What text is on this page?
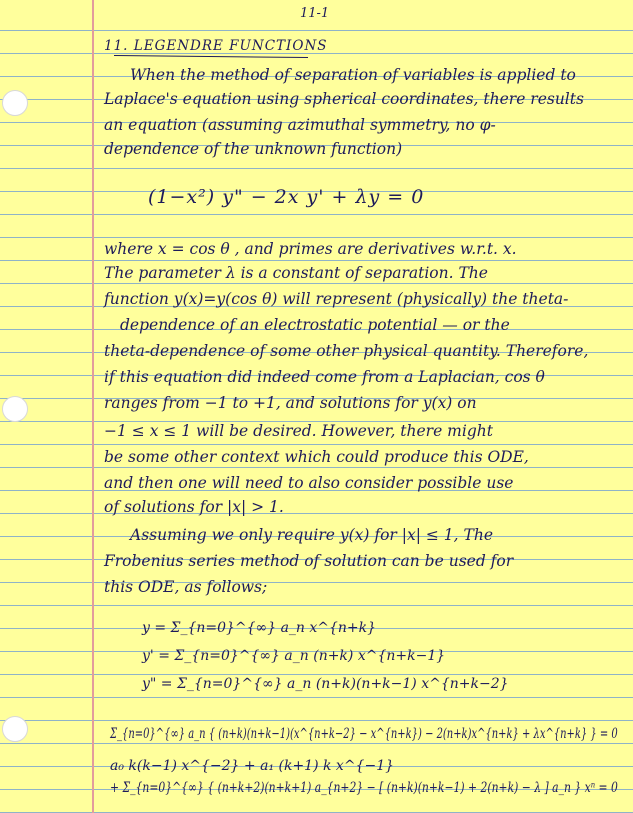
11-1
11. LEGENDRE FUNCTIONS
When the method of separation of variables is applied to
Laplace's equation using spherical coordinates, there results
an equation (assuming azimuthal symmetry, no φ-
dependence of the unknown function)
(1−x²) y" − 2x y' + λy = 0
where x = cos θ , and primes are derivatives w.r.t. x.
The parameter λ is a constant of separation. The
function y(x)=y(cos θ) will represent (physically) the theta-
dependence of an electrostatic potential — or the
theta-dependence of some other physical quantity. Therefore,
if this equation did indeed come from a Laplacian, cos θ
ranges from −1 to +1, and solutions for y(x) on
−1 ≤ x ≤ 1 will be desired. However, there might
be some other context which could produce this ODE,
and then one will need to also consider possible use
of solutions for |x| > 1.
Assuming we only require y(x) for |x| ≤ 1, The
Frobenius series method of solution can be used for
this ODE, as follows;
y = Σ_{n=0}^{∞} a_n x^{n+k}
y' = Σ_{n=0}^{∞} a_n (n+k) x^{n+k−1}
y" = Σ_{n=0}^{∞} a_n (n+k)(n+k−1) x^{n+k−2}
Σ_{n=0}^{∞} a_n { (n+k)(n+k−1)(x^{n+k−2} − x^{n+k}) − 2(n+k)x^{n+k} + λx^{n+k} } = 0
a₀ k(k−1) x^{−2} + a₁ (k+1) k x^{−1}
+ Σ_{n=0}^{∞} { (n+k+2)(n+k+1) a_{n+2} − [ (n+k)(n+k−1) + 2(n+k) − λ ] a_n } xⁿ = 0
